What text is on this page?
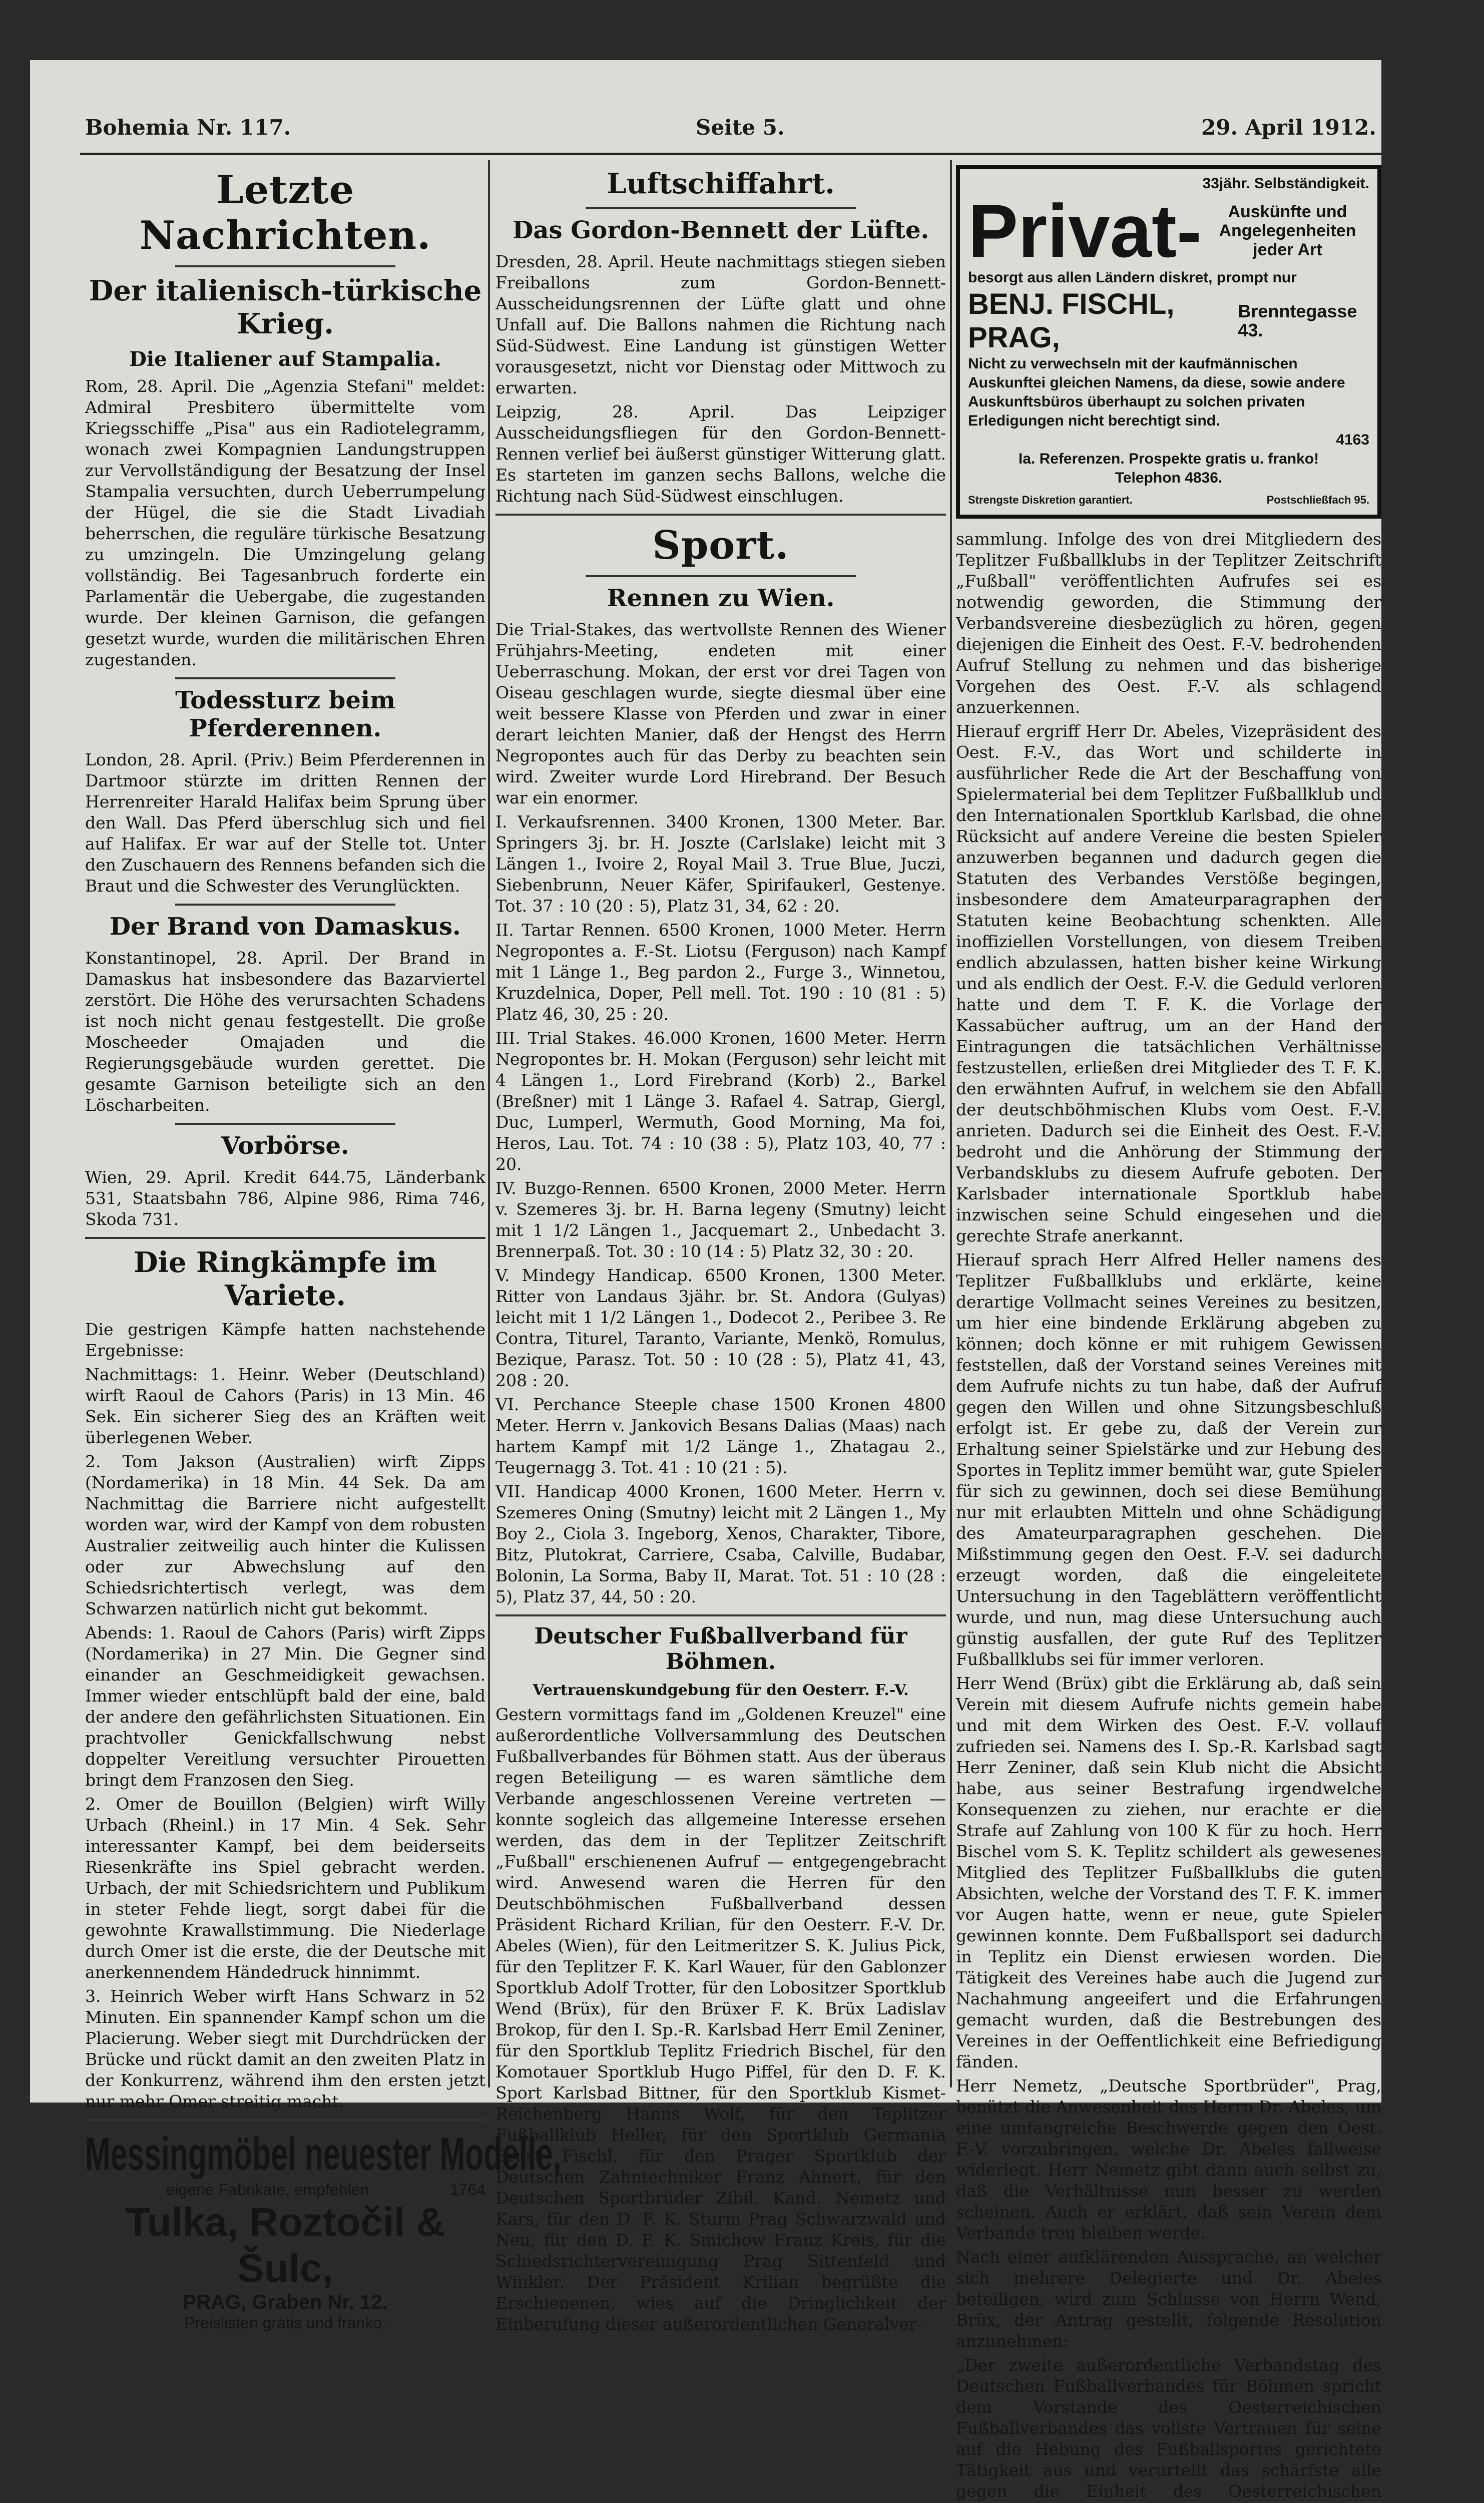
Bohemia Nr. 117.	Seite 5.	29. April 1912.
Letzte Nachrichten.
Der italienisch-türkische Krieg.
Die Italiener auf Stampalia.

Rom, 28. April. Die „Agenzia Stefani" meldet: Admiral Presbitero übermittelte vom Kriegsschiffe „Pisa" aus ein Radiotelegramm, wonach zwei Kompagnien Landungstruppen zur Vervollständigung der Besatzung der Insel Stampalia versuchten, durch Ueberrumpelung der Hügel, die sie die Stadt Livadiah beherrschen, die reguläre türkische Besatzung zu umzingeln. Die Umzingelung gelang vollständig. Bei Tagesanbruch forderte ein Parlamentär die Uebergabe, die zugestanden wurde. Der kleinen Garnison, die gefangen gesetzt wurde, wurden die militärischen Ehren zugestanden.

Todessturz beim Pferderennen.

London, 28. April. (Priv.) Beim Pferderennen in Dartmoor stürzte im dritten Rennen der Herrenreiter Harald Halifax beim Sprung über den Wall. Das Pferd überschlug sich und fiel auf Halifax. Er war auf der Stelle tot. Unter den Zuschauern des Rennens befanden sich die Braut und die Schwester des Verunglückten.

Der Brand von Damaskus.

Konstantinopel, 28. April. Der Brand in Damaskus hat insbesondere das Bazarviertel zerstört. Die Höhe des verursachten Schadens ist noch nicht genau festgestellt. Die große Moscheeder Omajaden und die Regierungsgebäude wurden gerettet. Die gesamte Garnison beteiligte sich an den Löscharbeiten.

Vorbörse.

Wien, 29. April. Kredit 644.75, Länderbank 531, Staatsbahn 786, Alpine 986, Rima 746, Skoda 731.

Die Ringkämpfe im Variete.

Die gestrigen Kämpfe hatten nachstehende Ergebnisse:

Nachmittags: 1. Heinr. Weber (Deutschland) wirft Raoul de Cahors (Paris) in 13 Min. 46 Sek. Ein sicherer Sieg des an Kräften weit überlegenen Weber.

2. Tom Jakson (Australien) wirft Zipps (Nordamerika) in 18 Min. 44 Sek. Da am Nachmittag die Barriere nicht aufgestellt worden war, wird der Kampf von dem robusten Australier zeitweilig auch hinter die Kulissen oder zur Abwechslung auf den Schiedsrichtertisch verlegt, was dem Schwarzen natürlich nicht gut bekommt.

Abends: 1. Raoul de Cahors (Paris) wirft Zipps (Nordamerika) in 27 Min. Die Gegner sind einander an Geschmeidigkeit gewachsen. Immer wieder entschlüpft bald der eine, bald der andere den gefährlichsten Situationen. Ein prachtvoller Genickfallschwung nebst doppelter Vereitlung versuchter Pirouetten bringt dem Franzosen den Sieg.

2. Omer de Bouillon (Belgien) wirft Willy Urbach (Rheinl.) in 17 Min. 4 Sek. Sehr interessanter Kampf, bei dem beiderseits Riesenkräfte ins Spiel gebracht werden. Urbach, der mit Schiedsrichtern und Publikum in steter Fehde liegt, sorgt dabei für die gewohnte Krawallstimmung. Die Niederlage durch Omer ist die erste, die der Deutsche mit anerkennendem Händedruck hinnimmt.

3. Heinrich Weber wirft Hans Schwarz in 52 Minuten. Ein spannender Kampf schon um die Placierung. Weber siegt mit Durchdrücken der Brücke und rückt damit an den zweiten Platz in der Konkurrenz, während ihm den ersten jetzt nur mehr Omer streitig macht.

Messingmöbel neuester Modelle,
eigene Fabrikate, empfehlen	1764
Tulka, Roztočil & Šulc,
PRAG, Graben Nr. 12.
Preislisten gratis und franko.
Luftschiffahrt.
Das Gordon-Bennett der Lüfte.

Dresden, 28. April. Heute nachmittags stiegen sieben Freiballons zum Gordon-Bennett-Ausscheidungsrennen der Lüfte glatt und ohne Unfall auf. Die Ballons nahmen die Richtung nach Süd-Südwest. Eine Landung ist günstigen Wetter vorausgesetzt, nicht vor Dienstag oder Mittwoch zu erwarten.

Leipzig, 28. April. Das Leipziger Ausscheidungsfliegen für den Gordon-Bennett-Rennen verlief bei äußerst günstiger Witterung glatt. Es starteten im ganzen sechs Ballons, welche die Richtung nach Süd-Südwest einschlugen.

Sport.
Rennen zu Wien.

Die Trial-Stakes, das wertvollste Rennen des Wiener Frühjahrs-Meeting, endeten mit einer Ueberraschung. Mokan, der erst vor drei Tagen von Oiseau geschlagen wurde, siegte diesmal über eine weit bessere Klasse von Pferden und zwar in einer derart leichten Manier, daß der Hengst des Herrn Negropontes auch für das Derby zu beachten sein wird. Zweiter wurde Lord Hirebrand. Der Besuch war ein enormer.

I. Verkaufsrennen. 3400 Kronen, 1300 Meter. Bar. Springers 3j. br. H. Joszte (Carlslake) leicht mit 3 Längen 1., Ivoire 2, Royal Mail 3. True Blue, Juczi, Siebenbrunn, Neuer Käfer, Spirifaukerl, Gestenye. Tot. 37 : 10 (20 : 5), Platz 31, 34, 62 : 20.

II. Tartar Rennen. 6500 Kronen, 1000 Meter. Herrn Negropontes a. F.-St. Liotsu (Ferguson) nach Kampf mit 1 Länge 1., Beg pardon 2., Furge 3., Winnetou, Kruzdelnica, Doper, Pell mell. Tot. 190 : 10 (81 : 5) Platz 46, 30, 25 : 20.

III. Trial Stakes. 46.000 Kronen, 1600 Meter. Herrn Negropontes br. H. Mokan (Ferguson) sehr leicht mit 4 Längen 1., Lord Firebrand (Korb) 2., Barkel (Breßner) mit 1 Länge 3. Rafael 4. Satrap, Giergl, Duc, Lumperl, Wermuth, Good Morning, Ma foi, Heros, Lau. Tot. 74 : 10 (38 : 5), Platz 103, 40, 77 : 20.

IV. Buzgo-Rennen. 6500 Kronen, 2000 Meter. Herrn v. Szemeres 3j. br. H. Barna legeny (Smutny) leicht mit 1 1/2 Längen 1., Jacquemart 2., Unbedacht 3. Brennerpaß. Tot. 30 : 10 (14 : 5) Platz 32, 30 : 20.

V. Mindegy Handicap. 6500 Kronen, 1300 Meter. Ritter von Landaus 3jähr. br. St. Andora (Gulyas) leicht mit 1 1/2 Längen 1., Dodecot 2., Peribee 3. Re Contra, Titurel, Taranto, Variante, Menkö, Romulus, Bezique, Parasz. Tot. 50 : 10 (28 : 5), Platz 41, 43, 208 : 20.

VI. Perchance Steeple chase 1500 Kronen 4800 Meter. Herrn v. Jankovich Besans Dalias (Maas) nach hartem Kampf mit 1/2 Länge 1., Zhatagau 2., Teugernagg 3. Tot. 41 : 10 (21 : 5).

VII. Handicap 4000 Kronen, 1600 Meter. Herrn v. Szemeres Oning (Smutny) leicht mit 2 Längen 1., My Boy 2., Ciola 3. Ingeborg, Xenos, Charakter, Tibore, Bitz, Plutokrat, Carriere, Csaba, Calville, Budabar, Bolonin, La Sorma, Baby II, Marat. Tot. 51 : 10 (28 : 5), Platz 37, 44, 50 : 20.

Deutscher Fußballverband für Böhmen.
Vertrauenskundgebung für den Oesterr. F.-V.

Gestern vormittags fand im „Goldenen Kreuzel" eine außerordentliche Vollversammlung des Deutschen Fußballverbandes für Böhmen statt. Aus der überaus regen Beteiligung — es waren sämtliche dem Verbande angeschlossenen Vereine vertreten — konnte sogleich das allgemeine Interesse ersehen werden, das dem in der Teplitzer Zeitschrift „Fußball" erschienenen Aufruf — entgegengebracht wird. Anwesend waren die Herren für den Deutschböhmischen Fußballverband dessen Präsident Richard Krilian, für den Oesterr. F.-V. Dr. Abeles (Wien), für den Leitmeritzer S. K. Julius Pick, für den Teplitzer F. K. Karl Wauer, für den Gablonzer Sportklub Adolf Trotter, für den Lobositzer Sportklub Wend (Brüx), für den Brüxer F. K. Brüx Ladislav Brokop, für den I. Sp.-R. Karlsbad Herr Emil Zeniner, für den Sportklub Teplitz Friedrich Bischel, für den Komotauer Sportklub Hugo Piffel, für den D. F. K. Sport Karlsbad Bittner, für den Sportklub Kismet-Reichenberg Hanns Wolf, für den Teplitzer Fußballklub Heller, für den Sportklub Germania Ernst Fischl, für den Prager Sportklub der Deutschen Zahntechniker Franz Ahnert, für den Deutschen Sportbrüder Zibil. Kand. Nemetz und Kars, für den D. F. K. Sturm Prag Schwarzwald und Neu, für den D. F. K. Smichow Franz Kreis, für die Schiedsrichtervereinigung Prag Sittenfeld und Winkler. Der Präsident Krilian begrüßte die Erschienenen, wies auf die Dringlichkeit der Einberufung dieser außerordentlichen Generalver-

33jähr. Selbständigkeit.
Privat-	Auskünfte und Angelegenheiten jeder Art
besorgt aus allen Ländern diskret, prompt nur
BENJ. FISCHL, PRAG,
Brenntegasse 43.
Nicht zu verwechseln mit der kaufmännischen Auskunftei gleichen Namens, da diese, sowie andere Auskunftsbüros überhaupt zu solchen privaten Erledigungen nicht berechtigt sind.
4163
Ia. Referenzen. Prospekte gratis u. franko!
Telephon 4836.
Strengste Diskretion garantiert.	Postschließfach 95.

sammlung. Infolge des von drei Mitgliedern des Teplitzer Fußballklubs in der Teplitzer Zeitschrift „Fußball" veröffentlichten Aufrufes sei es notwendig geworden, die Stimmung der Verbandsvereine diesbezüglich zu hören, gegen diejenigen die Einheit des Oest. F.-V. bedrohenden Aufruf Stellung zu nehmen und das bisherige Vorgehen des Oest. F.-V. als schlagend anzuerkennen.

Hierauf ergriff Herr Dr. Abeles, Vizepräsident des Oest. F.-V., das Wort und schilderte in ausführlicher Rede die Art der Beschaffung von Spielermaterial bei dem Teplitzer Fußballklub und den Internationalen Sportklub Karlsbad, die ohne Rücksicht auf andere Vereine die besten Spieler anzuwerben begannen und dadurch gegen die Statuten des Verbandes Verstöße begingen, insbesondere dem Amateurparagraphen der Statuten keine Beobachtung schenkten. Alle inoffiziellen Vorstellungen, von diesem Treiben endlich abzulassen, hatten bisher keine Wirkung und als endlich der Oest. F.-V. die Geduld verloren hatte und dem T. F. K. die Vorlage der Kassabücher auftrug, um an der Hand der Eintragungen die tatsächlichen Verhältnisse festzustellen, erließen drei Mitglieder des T. F. K. den erwähnten Aufruf, in welchem sie den Abfall der deutschböhmischen Klubs vom Oest. F.-V. anrieten. Dadurch sei die Einheit des Oest. F.-V. bedroht und die Anhörung der Stimmung der Verbandsklubs zu diesem Aufrufe geboten. Der Karlsbader internationale Sportklub habe inzwischen seine Schuld eingesehen und die gerechte Strafe anerkannt.

Hierauf sprach Herr Alfred Heller namens des Teplitzer Fußballklubs und erklärte, keine derartige Vollmacht seines Vereines zu besitzen, um hier eine bindende Erklärung abgeben zu können; doch könne er mit ruhigem Gewissen feststellen, daß der Vorstand seines Vereines mit dem Aufrufe nichts zu tun habe, daß der Aufruf gegen den Willen und ohne Sitzungsbeschluß erfolgt ist. Er gebe zu, daß der Verein zur Erhaltung seiner Spielstärke und zur Hebung des Sportes in Teplitz immer bemüht war, gute Spieler für sich zu gewinnen, doch sei diese Bemühung nur mit erlaubten Mitteln und ohne Schädigung des Amateurparagraphen geschehen. Die Mißstimmung gegen den Oest. F.-V. sei dadurch erzeugt worden, daß die eingeleitete Untersuchung in den Tageblättern veröffentlicht wurde, und nun, mag diese Untersuchung auch günstig ausfallen, der gute Ruf des Teplitzer Fußballklubs sei für immer verloren.

Herr Wend (Brüx) gibt die Erklärung ab, daß sein Verein mit diesem Aufrufe nichts gemein habe und mit dem Wirken des Oest. F.-V. vollauf zufrieden sei. Namens des I. Sp.-R. Karlsbad sagt Herr Zeniner, daß sein Klub nicht die Absicht habe, aus seiner Bestrafung irgendwelche Konsequenzen zu ziehen, nur erachte er die Strafe auf Zahlung von 100 K für zu hoch. Herr Bischel vom S. K. Teplitz schildert als gewesenes Mitglied des Teplitzer Fußballklubs die guten Absichten, welche der Vorstand des T. F. K. immer vor Augen hatte, wenn er neue, gute Spieler gewinnen konnte. Dem Fußballsport sei dadurch in Teplitz ein Dienst erwiesen worden. Die Tätigkeit des Vereines habe auch die Jugend zur Nachahmung angeeifert und die Erfahrungen gemacht wurden, daß die Bestrebungen des Vereines in der Oeffentlichkeit eine Befriedigung fänden.

Herr Nemetz, „Deutsche Sportbrüder", Prag, benützt die Anwesenheit des Herrn Dr. Abeles, um eine umfangreiche Beschwerde gegen den Oest. F.-V. vorzubringen, welche Dr. Abeles fallweise widerlegt. Herr Nemetz gibt dann auch selbst zu, daß die Verhältnisse nun besser zu werden scheinen. Auch er erklärt, daß sein Verein dem Verbande treu bleiben werde.

Nach einer aufklärenden Aussprache, an welcher sich mehrere Delegierte und Dr. Abeles beteiligen, wird zum Schlusse von Herrn Wend, Brüx, der Antrag gestellt, folgende Resolution anzunehmen:

„Der zweite außerordentliche Verbandstag des Deutschen Fußballverbandes für Böhmen spricht dem Vorstande des Oesterreichischen Fußballverbandes das vollste Vertrauen für seine auf die Hebung des Fußballsportes gerichtete Tätigkeit aus und verurteilt das schärfste alle gegen die Einheit des Oesterreichischen
